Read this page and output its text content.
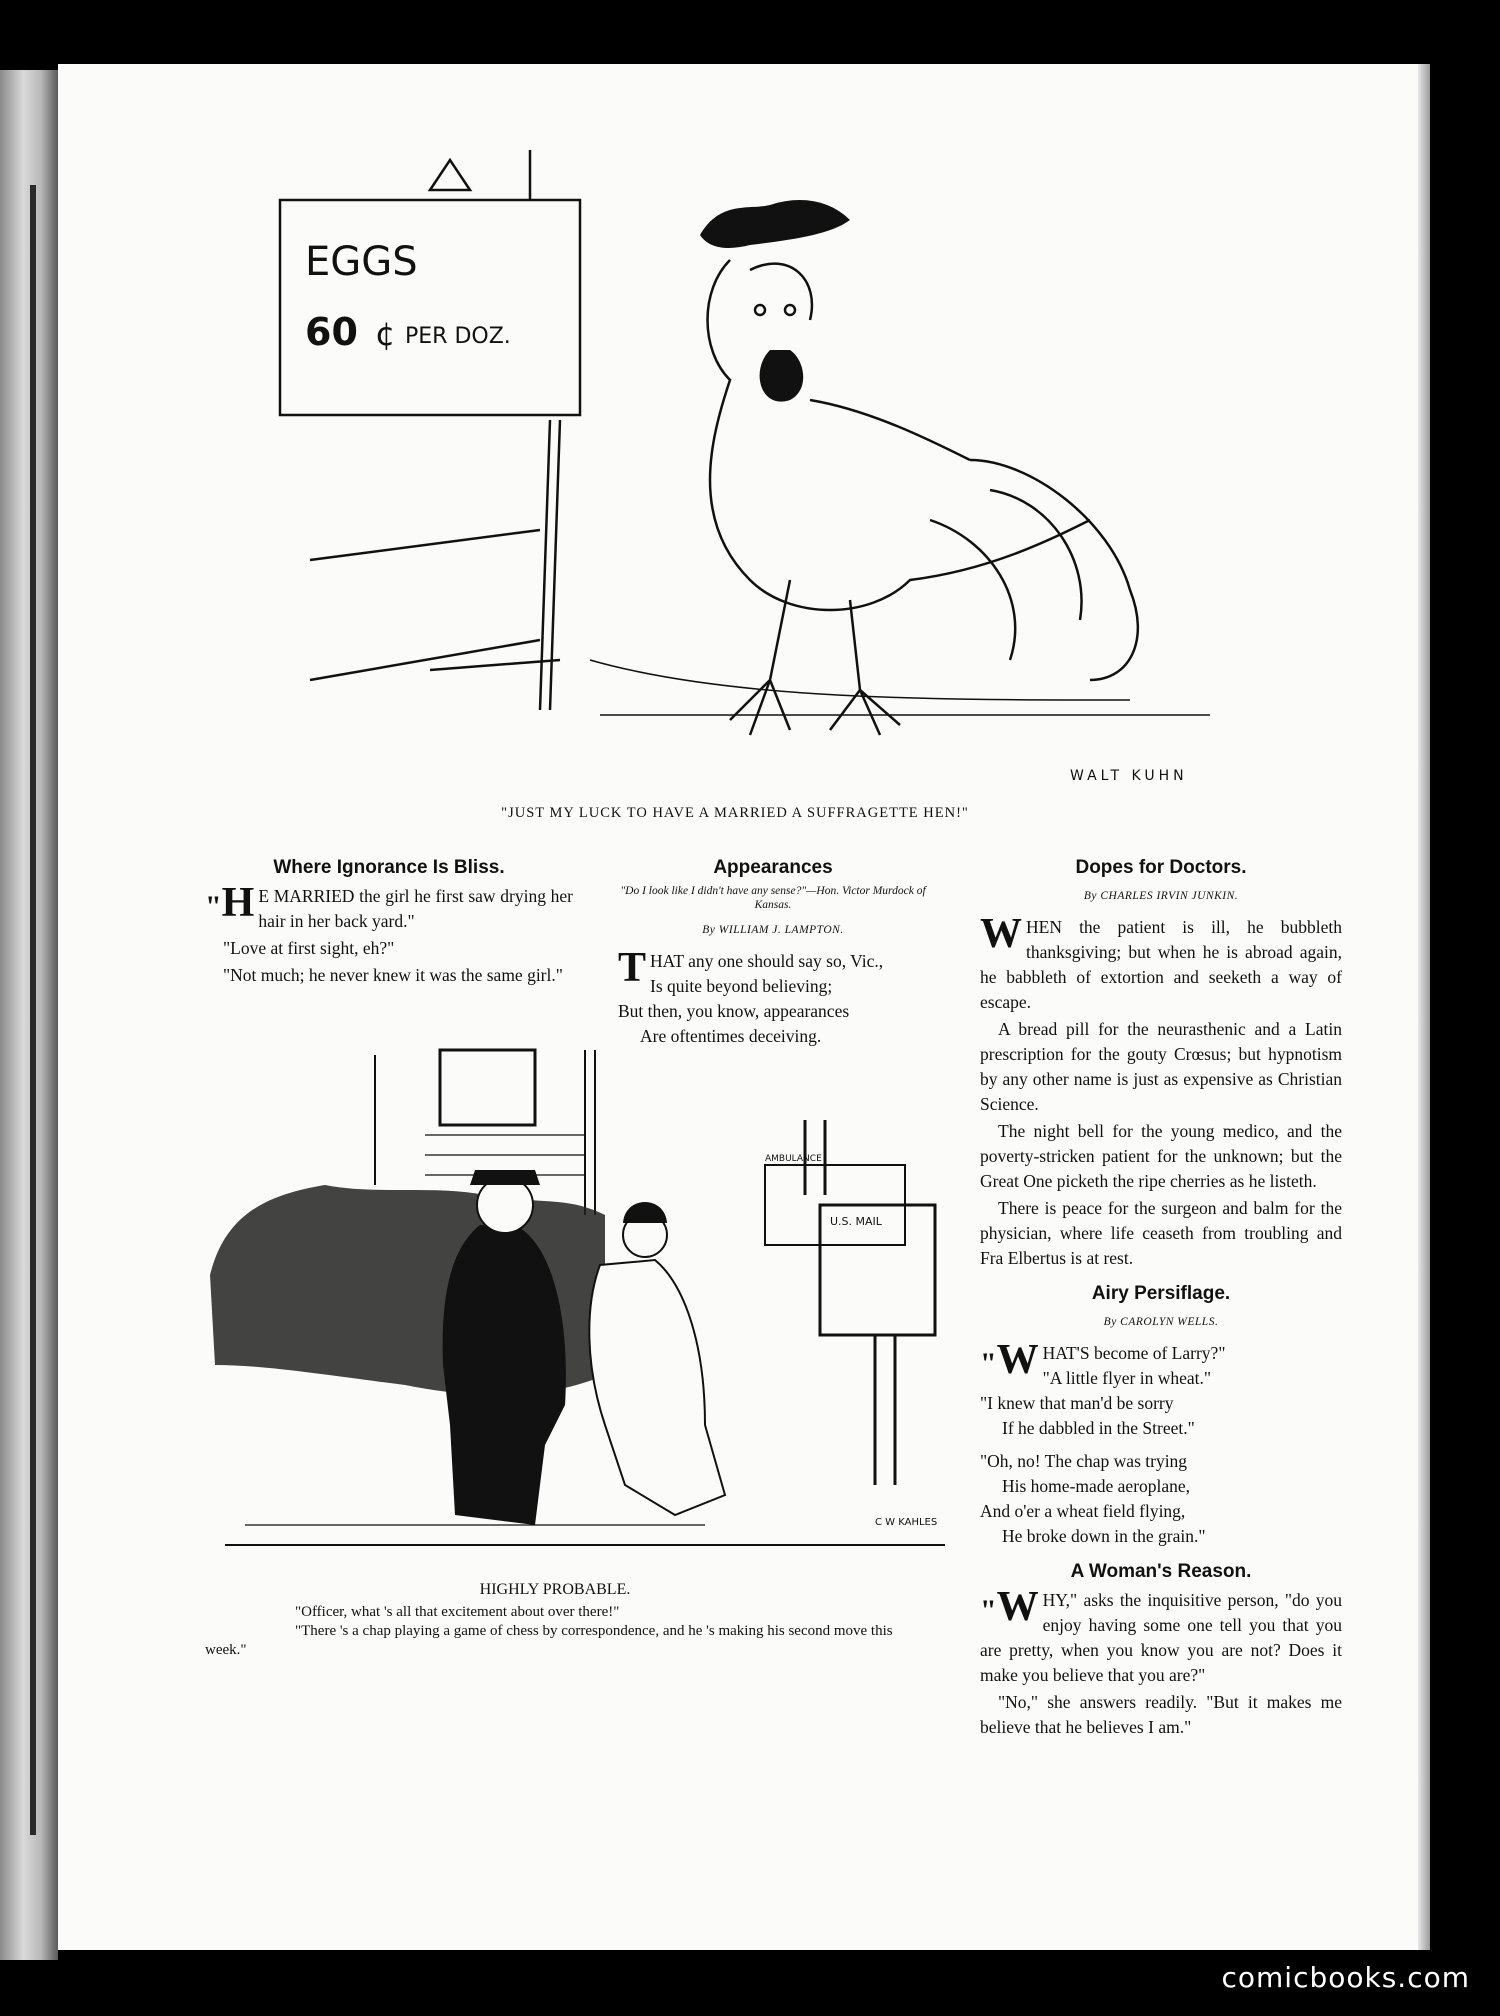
EGGS
60 ¢ PER DOZ.
WALT KUHN
"JUST MY LUCK TO HAVE A MARRIED A SUFFRAGETTE HEN!"
Where Ignorance Is Bliss.

"H E MARRIED the girl he first saw drying her hair in her back yard."

"Love at first sight, eh?"

"Not much; he never knew it was the same girl."

Appearances
"Do I look like I didn't have any sense?"—Hon. Victor Murdock of Kansas.
By WILLIAM J. LAMPTON.
T HAT any one should say so, Vic.,
Is quite beyond believing;
But then, you know, appearances
Are oftentimes deceiving.
AMBULANCE
U.S. MAIL
C W KAHLES
HIGHLY PROBABLE.
"Officer, what 's all that excitement about over there!"
"There 's a chap playing a game of chess by correspondence, and he 's making his second move this week."
Dopes for Doctors.
By CHARLES IRVIN JUNKIN.

WHEN the patient is ill, he bubbleth thanksgiving; but when he is abroad again, he babbleth of extortion and seeketh a way of escape.

A bread pill for the neurasthenic and a Latin prescription for the gouty Crœsus; but hypnotism by any other name is just as expensive as Christian Science.

The night bell for the young medico, and the poverty-stricken patient for the unknown; but the Great One picketh the ripe cherries as he listeth.

There is peace for the surgeon and balm for the physician, where life ceaseth from troubling and Fra Elbertus is at rest.

Airy Persiflage.
By CAROLYN WELLS.
"W HAT'S become of Larry?"
"A little flyer in wheat."
"I knew that man'd be sorry
If he dabbled in the Street."
"Oh, no! The chap was trying
His home-made aeroplane,
And o'er a wheat field flying,
He broke down in the grain."
A Woman's Reason.

"W HY," asks the inquisitive person, "do you enjoy having some one tell you that you are pretty, when you know you are not? Does it make you believe that you are?"

"No," she answers readily. "But it makes me believe that he believes I am."

comicbooks.com
